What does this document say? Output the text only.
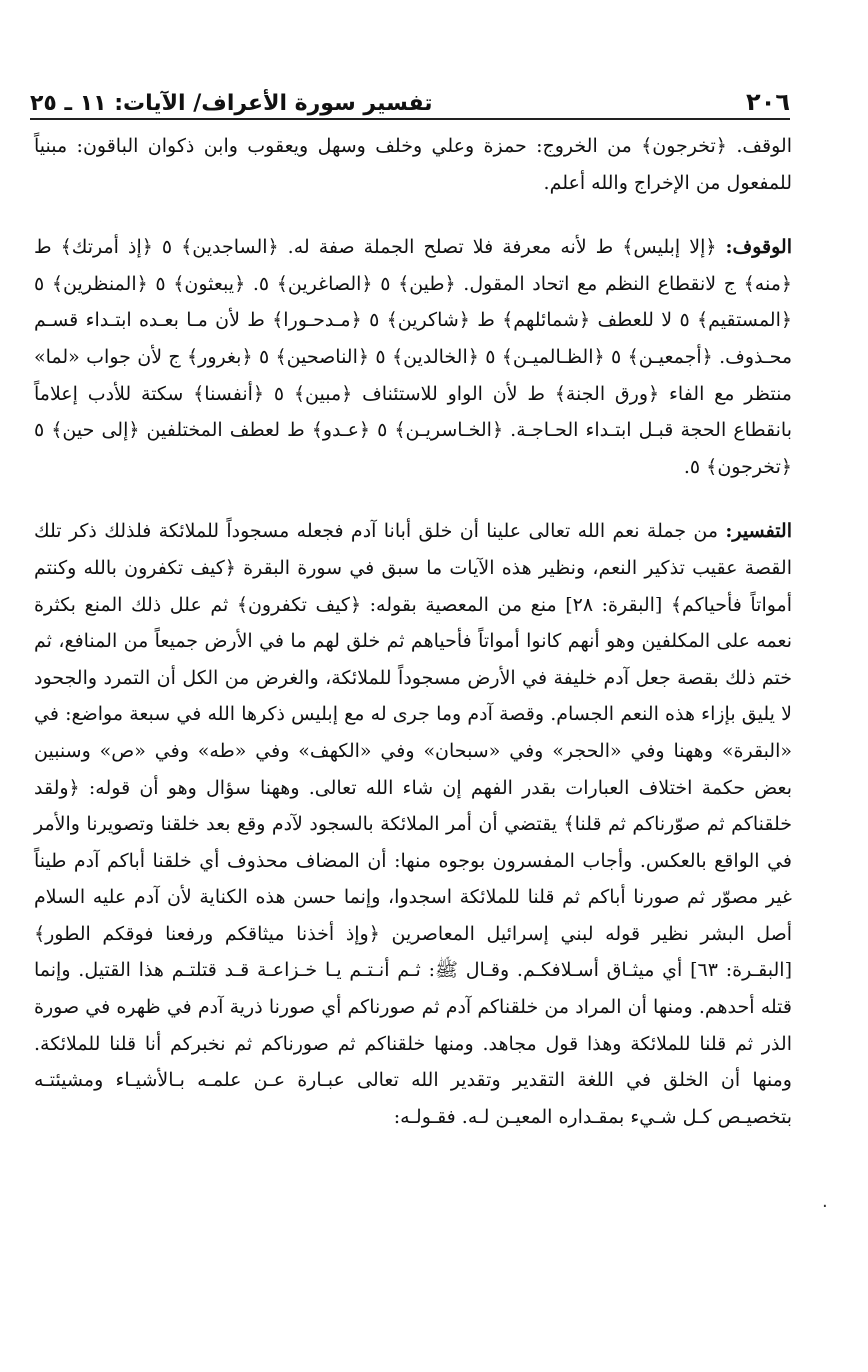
٢٠٦
تفسير سورة الأعراف/ الآيات: ١١ ـ ٢٥

الوقف. ﴿تخرجون﴾ من الخروج: حمزة وعلي وخلف وسهل ويعقوب وابن ذكوان الباقون: مبنياً للمفعول من الإخراج والله أعلم.

الوقوف: ﴿إلا إبليس﴾ ط لأنه معرفة فلا تصلح الجملة صفة له. ﴿الساجدين﴾ ٥ ﴿إذ أمرتك﴾ ط ﴿منه﴾ ج لانقطاع النظم مع اتحاد المقول. ﴿طين﴾ ٥ ﴿الصاغرين﴾ ٥. ﴿يبعثون﴾ ٥ ﴿المنظرين﴾ ٥ ﴿المستقيم﴾ ٥ لا للعطف ﴿شمائلهم﴾ ط ﴿شاكرين﴾ ٥ ﴿مـدحـورا﴾ ط لأن مـا بعـده ابتـداء قسـم محـذوف. ﴿أجمعيـن﴾ ٥ ﴿الظـالميـن﴾ ٥ ﴿الخالدين﴾ ٥ ﴿الناصحين﴾ ٥ ﴿بغرور﴾ ج لأن جواب «لما» منتظر مع الفاء ﴿ورق الجنة﴾ ط لأن الواو للاستئناف ﴿مبين﴾ ٥ ﴿أنفسنا﴾ سكتة للأدب إعلاماً بانقطاع الحجة قبـل ابتـداء الحـاجـة. ﴿الخـاسريـن﴾ ٥ ﴿عـدو﴾ ط لعطف المختلفين ﴿إلى حين﴾ ٥ ﴿تخرجون﴾ ٥.

التفسير: من جملة نعم الله تعالى علينا أن خلق أبانا آدم فجعله مسجوداً للملائكة فلذلك ذكر تلك القصة عقيب تذكير النعم، ونظير هذه الآيات ما سبق في سورة البقرة ﴿كيف تكفرون بالله وكنتم أمواتاً فأحياكم﴾ [البقرة: ٢٨] منع من المعصية بقوله: ﴿كيف تكفرون﴾ ثم علل ذلك المنع بكثرة نعمه على المكلفين وهو أنهم كانوا أمواتاً فأحياهم ثم خلق لهم ما في الأرض جميعاً من المنافع، ثم ختم ذلك بقصة جعل آدم خليفة في الأرض مسجوداً للملائكة، والغرض من الكل أن التمرد والجحود لا يليق بإزاء هذه النعم الجسام. وقصة آدم وما جرى له مع إبليس ذكرها الله في سبعة مواضع: في «البقرة» وههنا وفي «الحجر» وفي «سبحان» وفي «الكهف» وفي «طه» وفي «ص» وسنبين بعض حكمة اختلاف العبارات بقدر الفهم إن شاء الله تعالى. وههنا سؤال وهو أن قوله: ﴿ولقد خلقناكم ثم صوّرناكم ثم قلنا﴾ يقتضي أن أمر الملائكة بالسجود لآدم وقع بعد خلقنا وتصويرنا والأمر في الواقع بالعكس. وأجاب المفسرون بوجوه منها: أن المضاف محذوف أي خلقنا أباكم آدم طيناً غير مصوّر ثم صورنا أباكم ثم قلنا للملائكة اسجدوا، وإنما حسن هذه الكناية لأن آدم عليه السلام أصل البشر نظير قوله لبني إسرائيل المعاصرين ﴿وإذ أخذنا ميثاقكم ورفعنا فوقكم الطور﴾ [البقـرة: ٦٣] أي ميثـاق أسـلافكـم. وقـال ﷺ: ثـم أنـتـم يـا خـزاعـة قـد قتلتـم هذا القتيل. وإنما قتله أحدهم. ومنها أن المراد من خلقناكم آدم ثم صورناكم أي صورنا ذرية آدم في ظهره في صورة الذر ثم قلنا للملائكة وهذا قول مجاهد. ومنها خلقناكم ثم صورناكم ثم نخبركم أنا قلنا للملائكة. ومنها أن الخلق في اللغة التقدير وتقدير الله تعالى عبـارة عـن علمـه بـالأشيـاء ومشيئتـه بتخصيـص كـل شـيء بمقـداره المعيـن لـه. فقـولـه:

·
